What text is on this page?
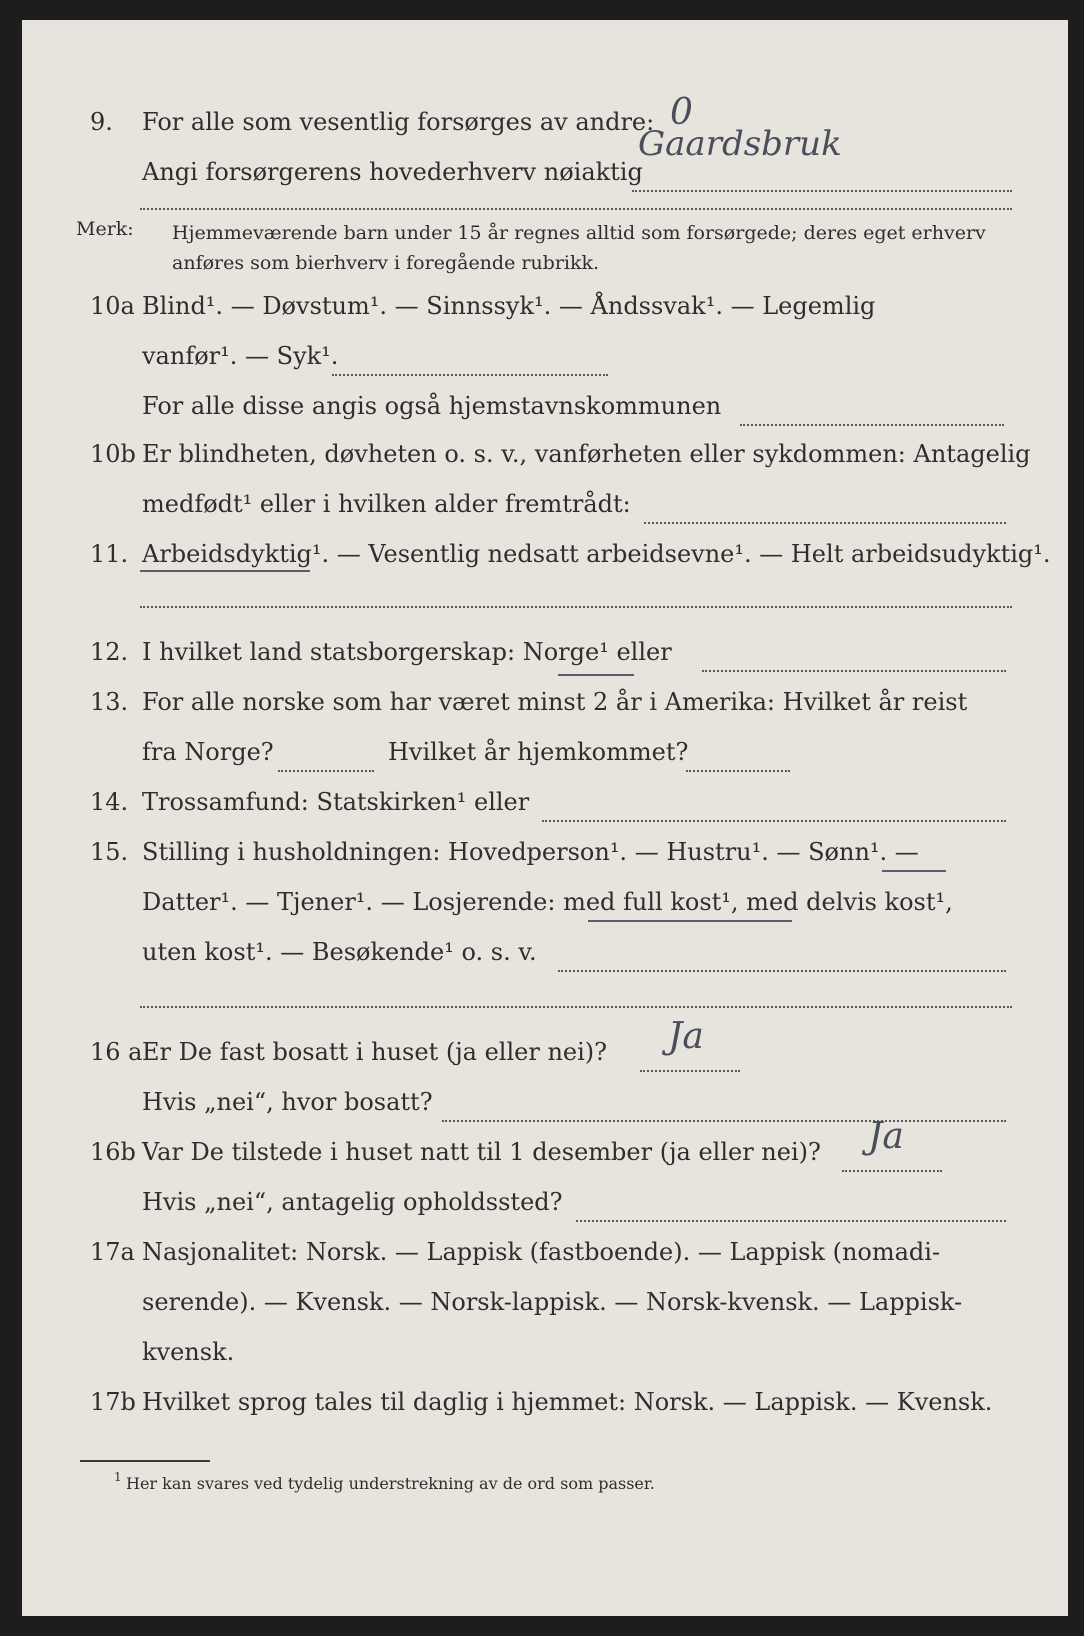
9. For alle som vesentlig forsørges av andre: 0
Angi forsørgerens hovederhverv nøiaktig
Gaardsbruk
Merk: Hjemmeværende barn under 15 år regnes alltid som forsørgede; deres eget erhverv anføres som bierhverv i foregående rubrikk.
10a Blind¹. — Døvstum¹. — Sinnssyk¹. — Åndssvak¹. — Legemlig
vanfør¹. — Syk¹.
For alle disse angis også hjemstavnskommunen
10b Er blindheten, døvheten o. s. v., vanførheten eller sykdommen: Antagelig
medfødt¹ eller i hvilken alder fremtrådt:
11. Arbeidsdyktig¹. — Vesentlig nedsatt arbeidsevne¹. — Helt arbeidsudyktig¹.
12. I hvilket land statsborgerskap: Norge¹ eller
13. For alle norske som har været minst 2 år i Amerika: Hvilket år reist
fra Norge?	Hvilket år hjemkommet?
14. Trossamfund: Statskirken¹ eller
15. Stilling i husholdningen: Hovedperson¹. — Hustru¹. — Sønn¹. —
Datter¹. — Tjener¹. — Losjerende: med full kost¹, med delvis kost¹,
uten kost¹. — Besøkende¹ o. s. v.
16 a Er De fast bosatt i huset (ja eller nei)?	Ja
Hvis „nei“, hvor bosatt?
16b Var De tilstede i huset natt til 1 desember (ja eller nei)?	Ja
Hvis „nei“, antagelig opholdssted?
17a Nasjonalitet: Norsk. — Lappisk (fastboende). — Lappisk (nomadi-
serende). — Kvensk. — Norsk-lappisk. — Norsk-kvensk. — Lappisk-
kvensk.
17b Hvilket sprog tales til daglig i hjemmet: Norsk. — Lappisk. — Kvensk.
1 Her kan svares ved tydelig understrekning av de ord som passer.
